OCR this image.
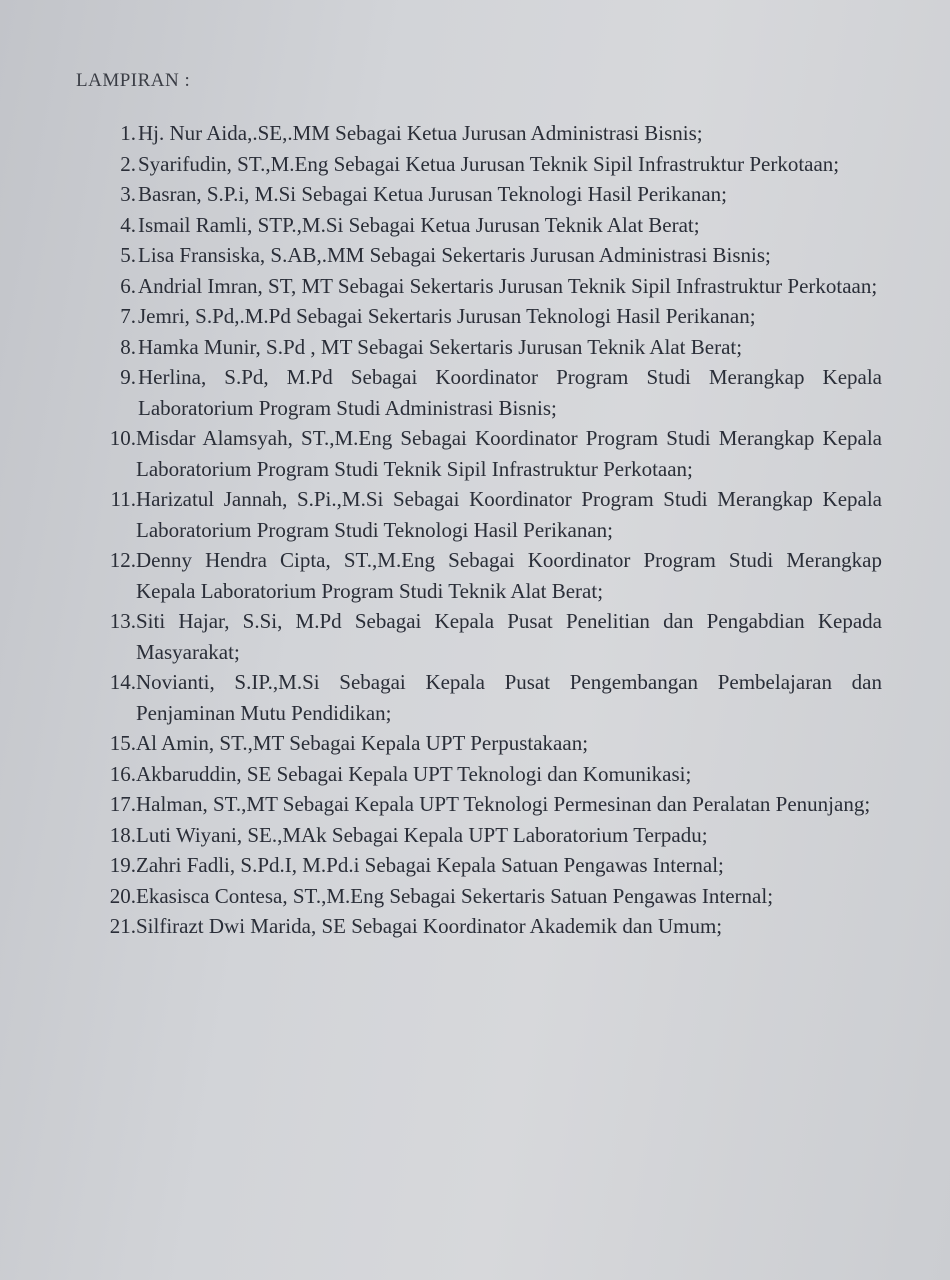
LAMPIRAN :
1. Hj. Nur Aida,.SE,.MM Sebagai Ketua Jurusan Administrasi Bisnis;
2. Syarifudin, ST.,M.Eng Sebagai Ketua Jurusan Teknik Sipil Infrastruktur Perkotaan;
3. Basran, S.P.i, M.Si Sebagai Ketua Jurusan Teknologi Hasil Perikanan;
4. Ismail Ramli, STP.,M.Si Sebagai Ketua Jurusan Teknik Alat Berat;
5. Lisa Fransiska, S.AB,.MM Sebagai Sekertaris Jurusan Administrasi Bisnis;
6. Andrial Imran, ST, MT Sebagai Sekertaris Jurusan Teknik Sipil Infrastruktur Perkotaan;
7. Jemri, S.Pd,.M.Pd Sebagai Sekertaris Jurusan Teknologi Hasil Perikanan;
8. Hamka Munir, S.Pd , MT Sebagai Sekertaris Jurusan Teknik Alat Berat;
9. Herlina, S.Pd, M.Pd Sebagai Koordinator Program Studi Merangkap Kepala Laboratorium Program Studi Administrasi Bisnis;
10. Misdar Alamsyah, ST.,M.Eng Sebagai Koordinator Program Studi Merangkap Kepala Laboratorium Program Studi Teknik Sipil Infrastruktur Perkotaan;
11. Harizatul Jannah, S.Pi.,M.Si Sebagai Koordinator Program Studi Merangkap Kepala Laboratorium Program Studi Teknologi Hasil Perikanan;
12. Denny Hendra Cipta, ST.,M.Eng Sebagai Koordinator Program Studi Merangkap Kepala Laboratorium Program Studi Teknik Alat Berat;
13. Siti Hajar, S.Si, M.Pd Sebagai Kepala Pusat Penelitian dan Pengabdian Kepada Masyarakat;
14. Novianti, S.IP.,M.Si Sebagai Kepala Pusat Pengembangan Pembelajaran dan Penjaminan Mutu Pendidikan;
15. Al Amin, ST.,MT Sebagai Kepala UPT Perpustakaan;
16. Akbaruddin, SE Sebagai Kepala UPT Teknologi dan Komunikasi;
17. Halman, ST.,MT Sebagai Kepala UPT Teknologi Permesinan dan Peralatan Penunjang;
18. Luti Wiyani, SE.,MAk Sebagai Kepala UPT Laboratorium Terpadu;
19. Zahri Fadli, S.Pd.I, M.Pd.i Sebagai Kepala Satuan Pengawas Internal;
20. Ekasisca Contesa, ST.,M.Eng Sebagai Sekertaris Satuan Pengawas Internal;
21. Silfirazt Dwi Marida, SE Sebagai Koordinator Akademik dan Umum;
